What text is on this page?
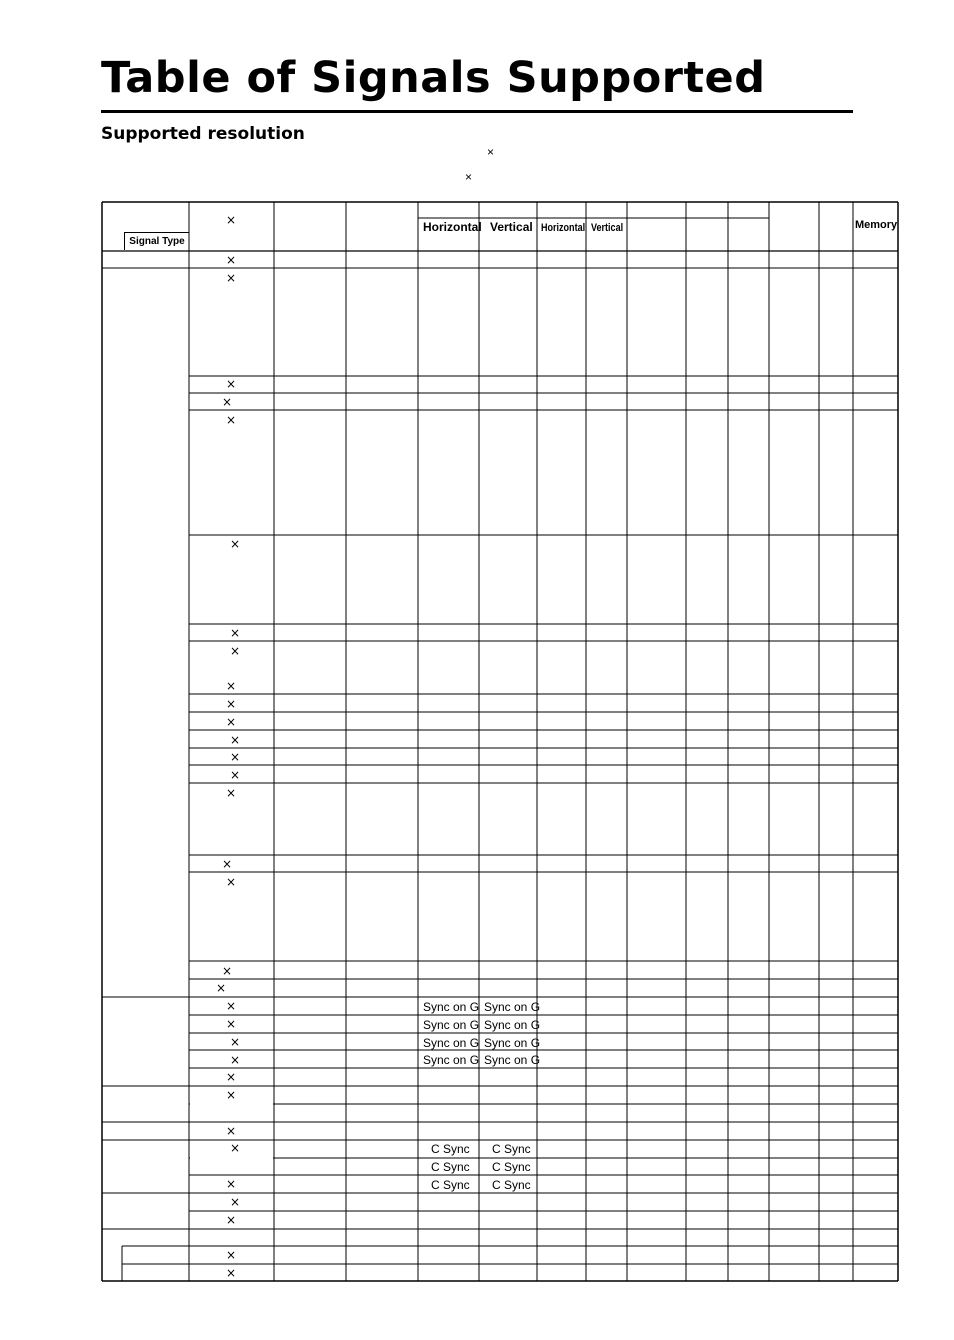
Table of Signals Supported
Supported resolution
×
×
Horizontal Vertical Horizontal Vertical	Memory
Signal Type
×
×
×
×
×
×
×
×
×
×
×
×
×
×
×
×
×
×
×
×
×
×
×
×
×
×
×
×
×
×
×
×
×
Sync on G Sync on G
Sync on G Sync on G
Sync on G Sync on G
Sync on G Sync on G
C Sync C Sync
C Sync C Sync
C Sync C Sync
